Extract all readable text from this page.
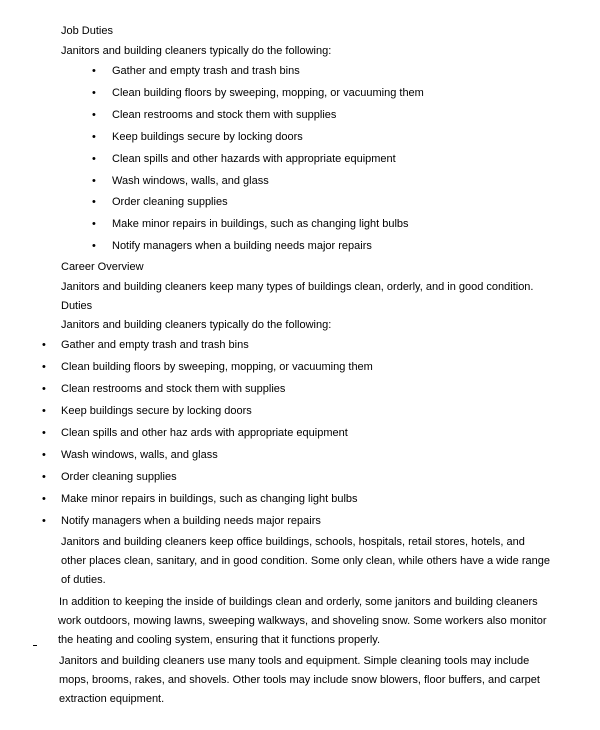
Job Duties
Janitors and building cleaners typically do the following:
• Gather and empty trash and trash bins
• Clean building floors by sweeping, mopping, or vacuuming them
• Clean restrooms and stock them with supplies
• Keep buildings secure by locking doors
• Clean spills and other hazards with appropriate equipment
• Wash windows, walls, and glass
• Order cleaning supplies
• Make minor repairs in buildings, such as changing light bulbs
• Notify managers when a building needs major repairs
Career Overview
Janitors and building cleaners keep many types of buildings clean, orderly, and in good condition.
Duties
Janitors and building cleaners typically do the following:
• Gather and empty trash and trash bins
• Clean building floors by sweeping, mopping, or vacuuming them
• Clean restrooms and stock them with supplies
• Keep buildings secure by locking doors
• Clean spills and other haz ards with appropriate equipment
• Wash windows, walls, and glass
• Order cleaning supplies
• Make minor repairs in buildings, such as changing light bulbs
• Notify managers when a building needs major repairs
Janitors and building cleaners keep office buildings, schools, hospitals, retail stores, hotels, and
other places clean, sanitary, and in good condition. Some only clean, while others have a wide range
of duties.
In addition to keeping the inside of buildings clean and orderly, some janitors and building cleaners
work outdoors, mowing lawns, sweeping walkways, and shoveling snow. Some workers also monitor
the heating and cooling system, ensuring that it functions properly.
Janitors and building cleaners use many tools and equipment. Simple cleaning tools may include
mops, brooms, rakes, and shovels. Other tools may include snow blowers, floor buffers, and carpet
extraction equipment.
